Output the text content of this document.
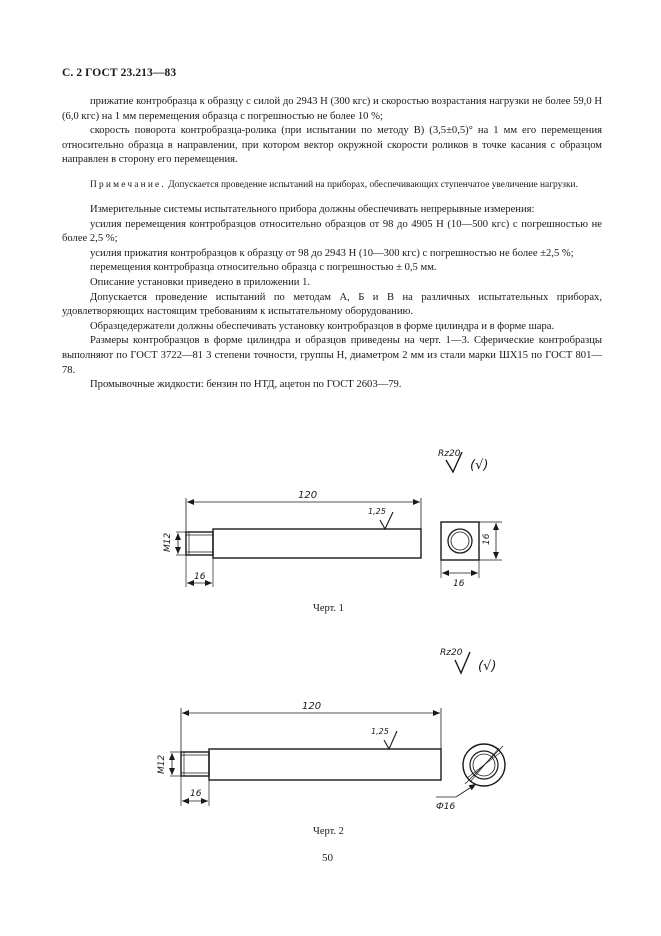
С. 2 ГОСТ 23.213—83

прижатие контробразца к образцу с силой до 2943 Н (300 кгс) и скоростью возрастания нагрузки не более 59,0 Н (6,0 кгс) на 1 мм перемещения образца с погрешностью не более 10 %;

скорость поворота контробразца-ролика (при испытании по методу В) (3,5±0,5)° на 1 мм его перемещения относительно образца в направлении, при котором вектор окружной скорости роликов в точке касания с образцом направлен в сторону его перемещения.

Примечание. Допускается проведение испытаний на приборах, обеспечивающих ступенчатое увеличение нагрузки.

Измерительные системы испытательного прибора должны обеспечивать непрерывные измерения:

усилия перемещения контробразцов относительно образцов от 98 до 4905 Н (10—500 кгс) с погрешностью не более 2,5 %;

усилия прижатия контробразцов к образцу от 98 до 2943 Н (10—300 кгс) с погрешностью не более ±2,5 %;

перемещения контробразца относительно образца с погрешностью ± 0,5 мм.

Описание установки приведено в приложении 1.

Допускается проведение испытаний по методам А, Б и В на различных испытательных приборах, удовлетворяющих настоящим требованиям к испытательному оборудованию.

Образцедержатели должны обеспечивать установку контробразцов в форме цилиндра и в форме шара.

Размеры контробразцов в форме цилиндра и образцов приведены на черт. 1—3. Сферические контробразцы выполняют по ГОСТ 3722—81 3 степени точности, группы Н, диаметром 2 мм из стали марки ШХ15 по ГОСТ 801—78.

Промывочные жидкости: бензин по НТД, ацетон по ГОСТ 2603—79.

Rz20
(√)
120
1,25
M12
16
16
16
Rz20
(√)
120
1,25
M12
16
Ф16
Черт. 1
Черт. 2
50
